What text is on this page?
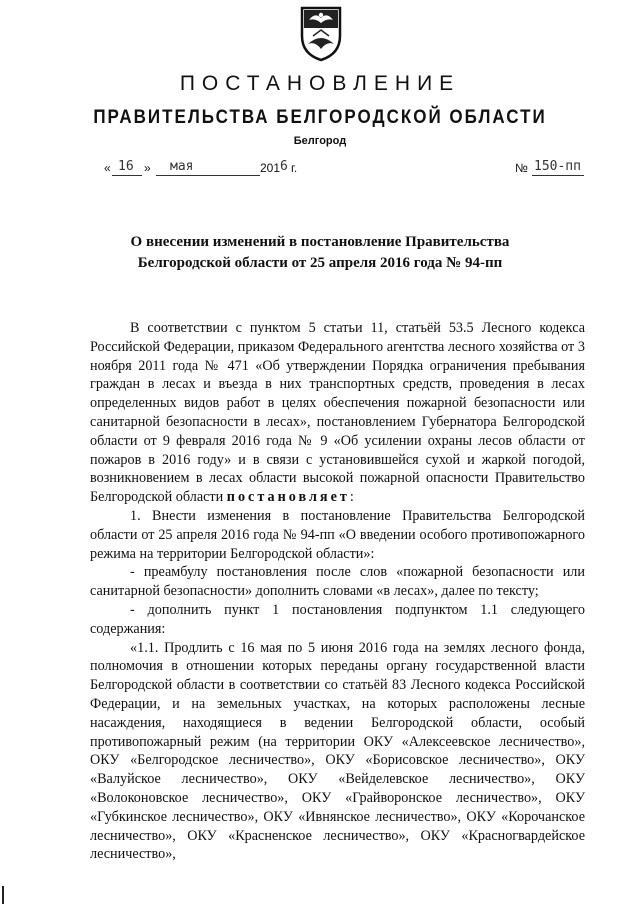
ПОСТАНОВЛЕНИЕ
ПРАВИТЕЛЬСТВА БЕЛГОРОДСКОЙ ОБЛАСТИ
Белгород
« 16 » мая	201 6 г.	№ 150-пп
О внесении изменений в постановление Правительства
Белгородской области от 25 апреля 2016 года № 94-пп

В соответствии с пунктом 5 статьи 11, статьёй 53.5 Лесного кодекса Российской Федерации, приказом Федерального агентства лесного хозяйства от 3 ноября 2011 года № 471 «Об утверждении Порядка ограничения пребывания граждан в лесах и въезда в них транспортных средств, проведения в лесах определенных видов работ в целях обеспечения пожарной безопасности или санитарной безопасности в лесах», постановлением Губернатора Белгородской области от 9 февраля 2016 года № 9 «Об усилении охраны лесов области от пожаров в 2016 году» и в связи с установившейся сухой и жаркой погодой, возникновением в лесах области высокой пожарной опасности Правительство Белгородской области постановляет:

1. Внести изменения в постановление Правительства Белгородской области от 25 апреля 2016 года № 94-пп «О введении особого противопожарного режима на территории Белгородской области»:

- преамбулу постановления после слов «пожарной безопасности или санитарной безопасности» дополнить словами «в лесах», далее по тексту;

- дополнить пункт 1 постановления подпунктом 1.1 следующего содержания:

«1.1. Продлить с 16 мая по 5 июня 2016 года на землях лесного фонда, полномочия в отношении которых переданы органу государственной власти Белгородской области в соответствии со статьёй 83 Лесного кодекса Российской Федерации, и на земельных участках, на которых расположены лесные насаждения, находящиеся в ведении Белгородской области, особый противопожарный режим (на территории ОКУ «Алексеевское лесничество», ОКУ «Белгородское лесничество», ОКУ «Борисовское лесничество», ОКУ «Валуйское лесничество», ОКУ «Вейделевское лесничество», ОКУ «Волоконовское лесничество», ОКУ «Грайворонское лесничество», ОКУ «Губкинское лесничество», ОКУ «Ивнянское лесничество», ОКУ «Корочанское лесничество», ОКУ «Красненское лесничество», ОКУ «Красногвардейское лесничество»,
